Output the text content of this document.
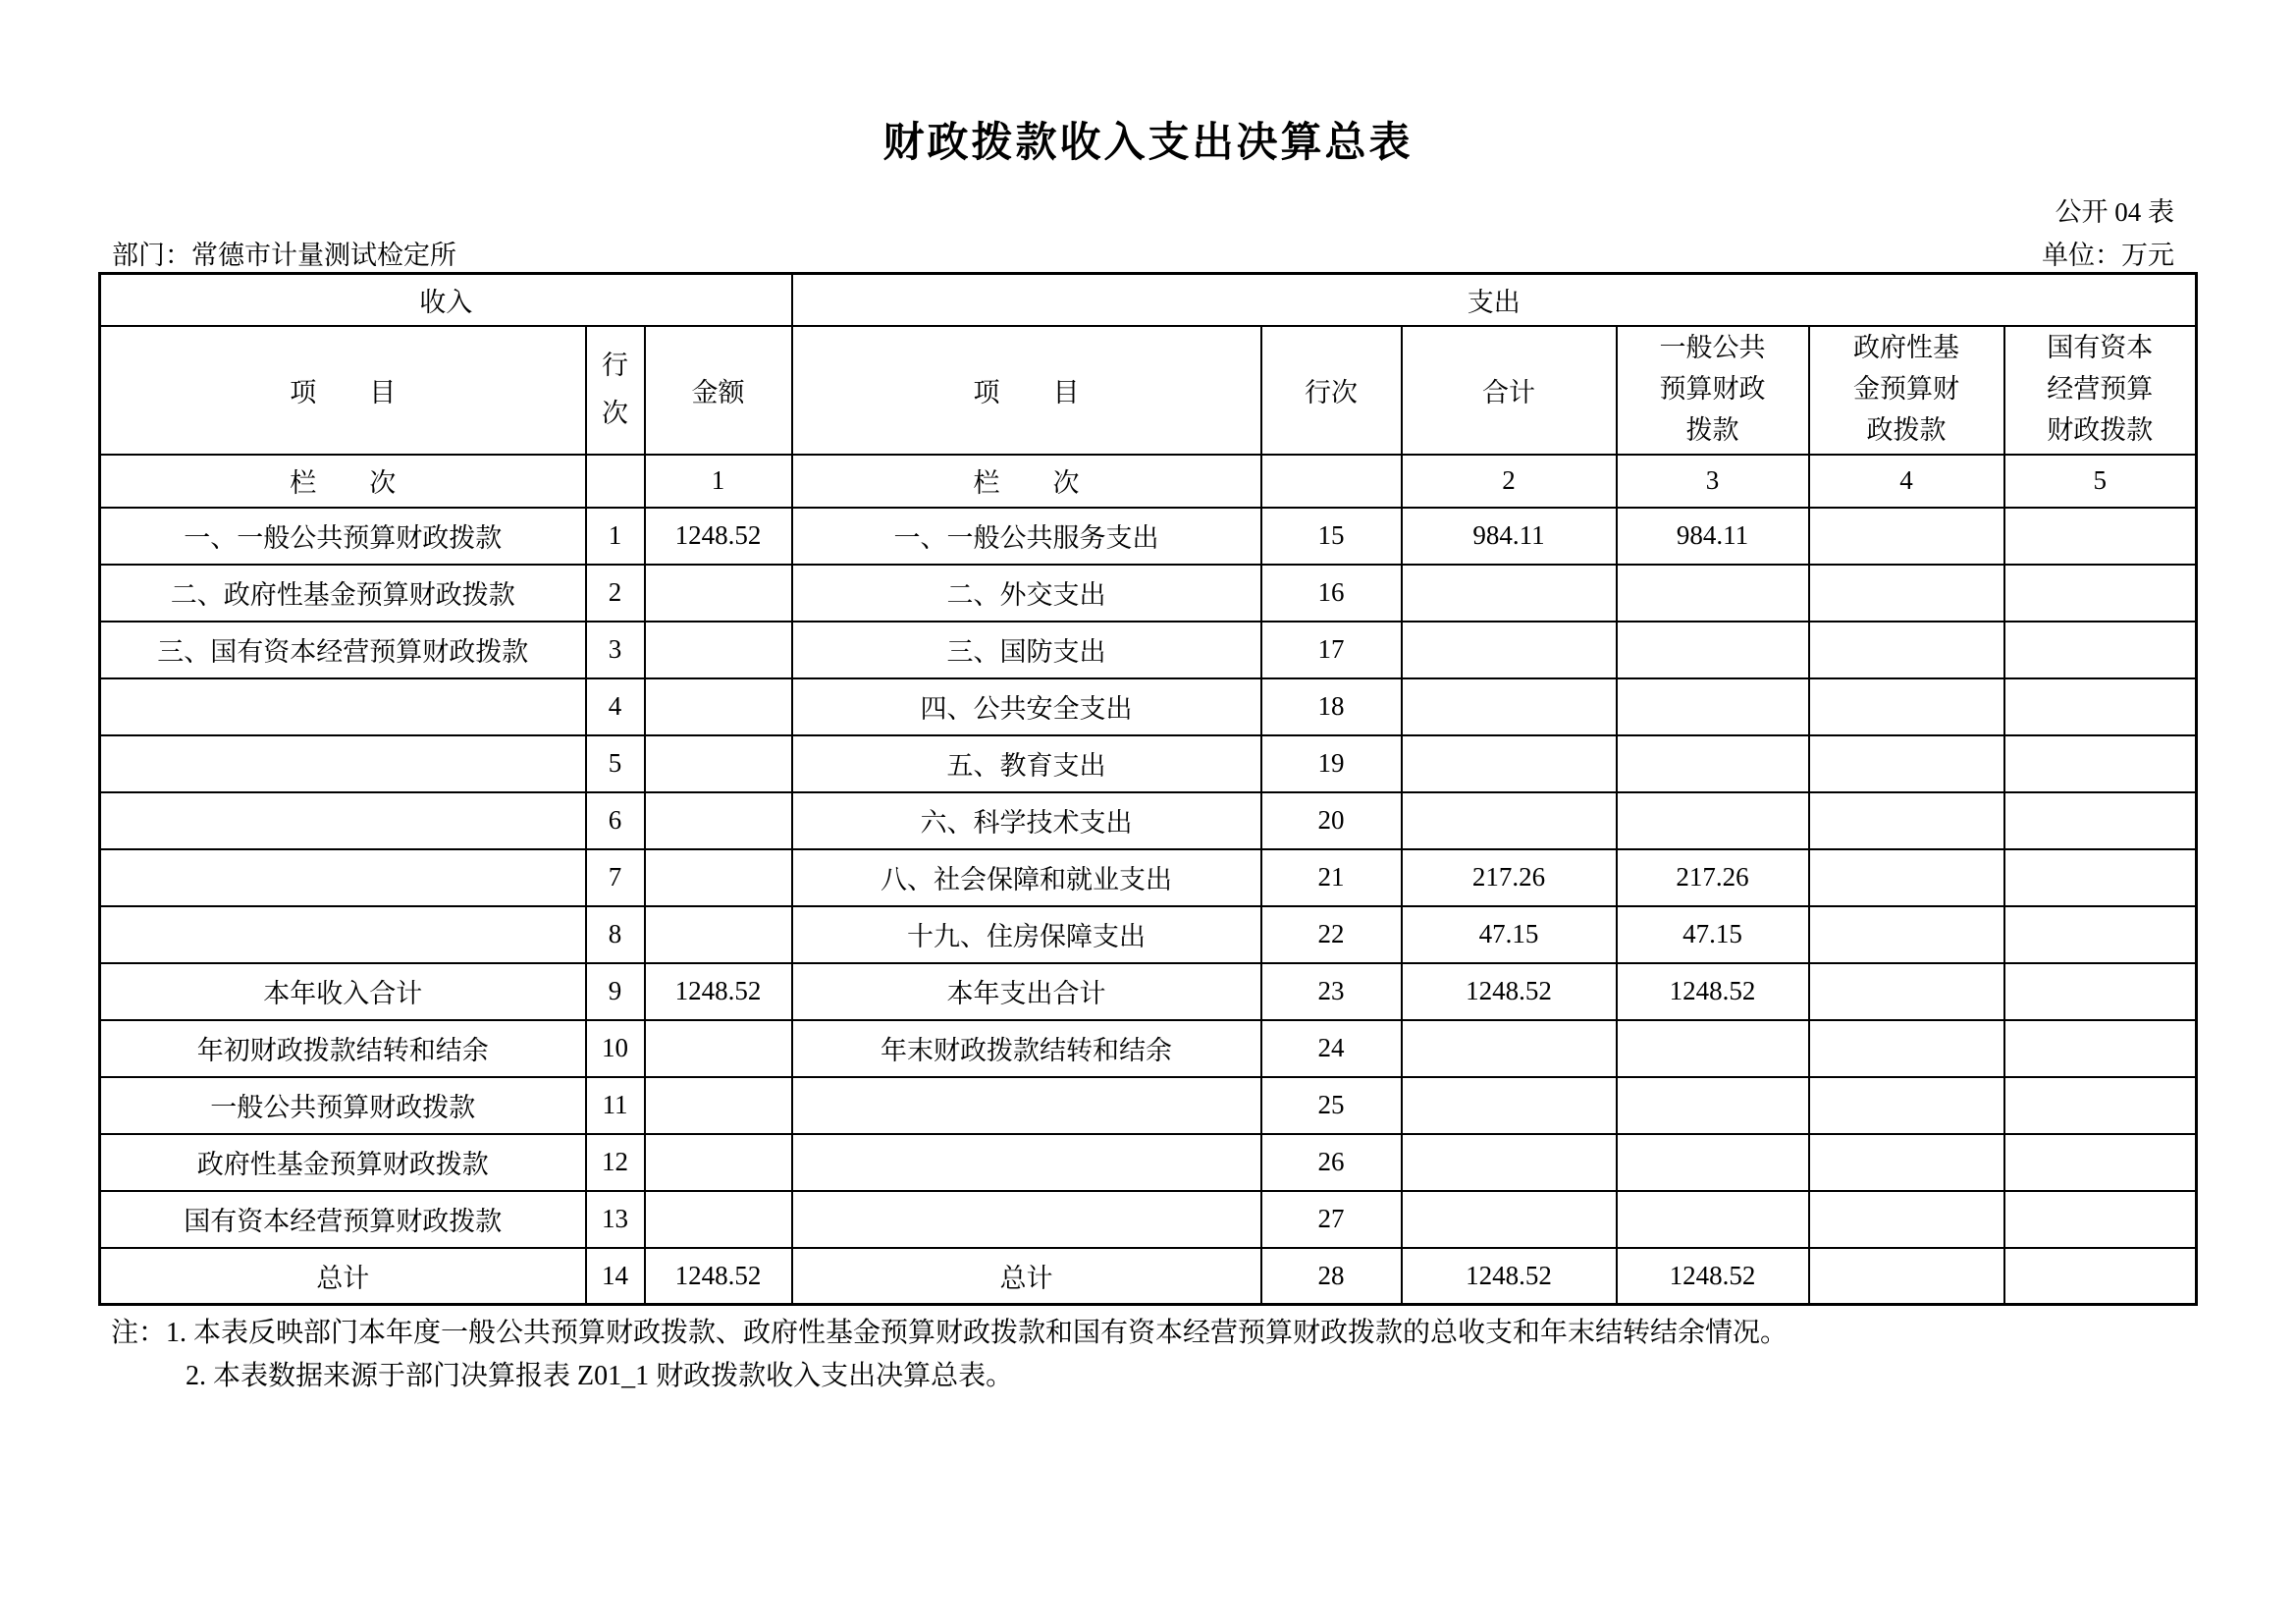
财政拨款收入支出决算总表
公开 04 表
部门：常德市计量测试检定所	单位：万元
收入			支出					
项　　目	行次	金额	项　　目	行次	合计	一般公共预算财政拨款	政府性基金预算财政拨款	国有资本经营预算财政拨款
栏　　次		1	栏　　次		2	3	4	5
一、一般公共预算财政拨款	1	1248.52	一、一般公共服务支出	15	984.11	984.11		
二、政府性基金预算财政拨款	2		二、外交支出	16				
三、国有资本经营预算财政拨款	3		三、国防支出	17				
	4		四、公共安全支出	18				
	5		五、教育支出	19				
	6		六、科学技术支出	20				
	7		八、社会保障和就业支出	21	217.26	217.26		
	8		十九、住房保障支出	22	47.15	47.15		
本年收入合计	9	1248.52	本年支出合计	23	1248.52	1248.52		
年初财政拨款结转和结余	10		年末财政拨款结转和结余	24				
一般公共预算财政拨款	11			25				
政府性基金预算财政拨款	12			26				
国有资本经营预算财政拨款	13			27				
总计	14	1248.52	总计	28	1248.52	1248.52		
注：1. 本表反映部门本年度一般公共预算财政拨款、政府性基金预算财政拨款和国有资本经营预算财政拨款的总收支和年末结转结余情况。
2. 本表数据来源于部门决算报表 Z01_1 财政拨款收入支出决算总表。
